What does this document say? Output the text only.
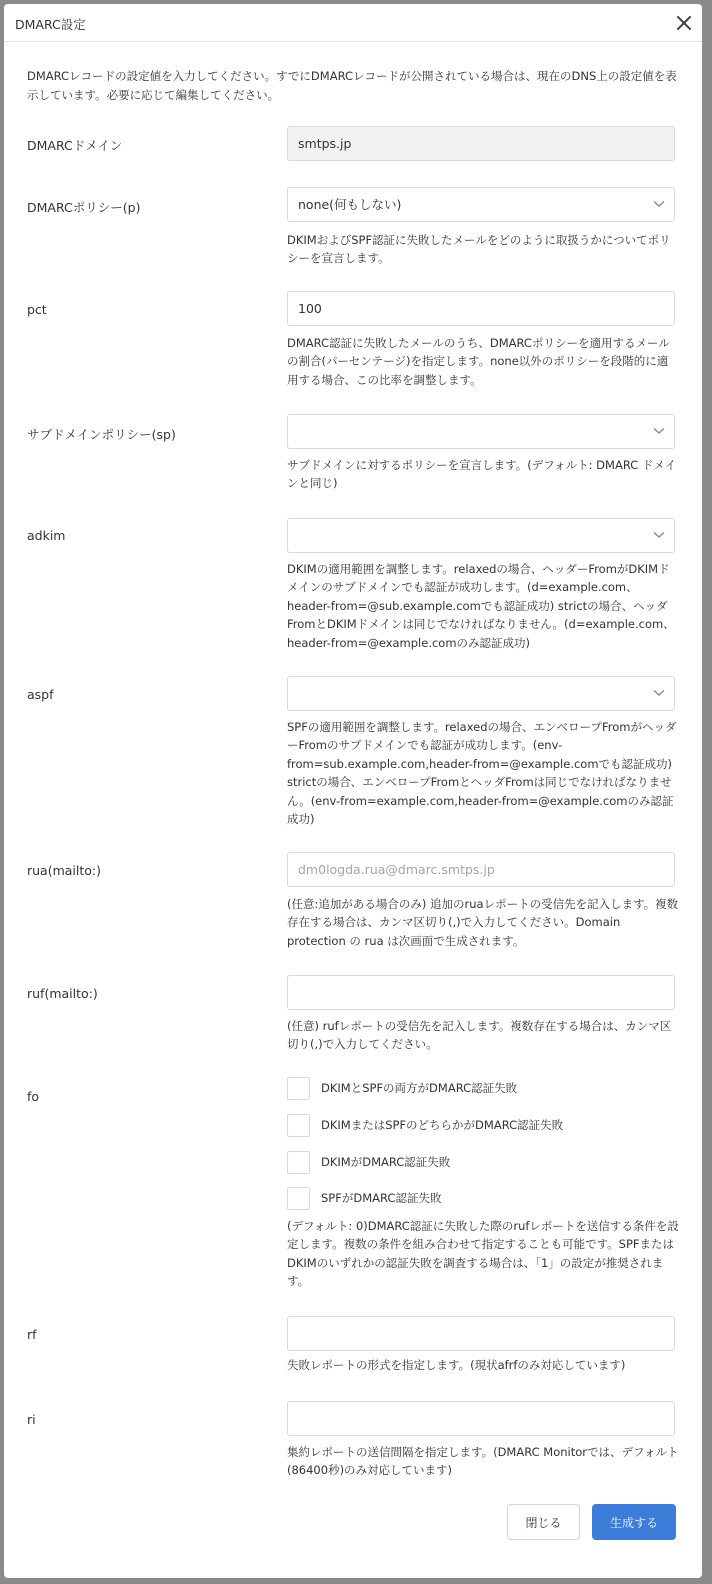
DMARC設定
DMARCレコードの設定値を入力してください。すでにDMARCレコードが公開されている場合は、現在のDNS上の設定値を表示しています。必要に応じて編集してください。
DMARCドメイン	smtps.jp
DMARCポリシー(p)	none(何もしない)
DKIMおよびSPF認証に失敗したメールをどのように取扱うかについてポリシーを宣言します。
pct	100
DMARC認証に失敗したメールのうち、DMARCポリシーを適用するメールの割合(パーセンテージ)を指定します。none以外のポリシーを段階的に適用する場合、この比率を調整します。
サブドメインポリシー(sp)
サブドメインに対するポリシーを宣言します。(デフォルト: DMARC ドメインと同じ)
adkim
DKIMの適用範囲を調整します。relaxedの場合、ヘッダーFromがDKIMドメインのサブドメインでも認証が成功します。(d=example.com、header-from=@sub.example.comでも認証成功) strictの場合、ヘッダFromとDKIMドメインは同じでなければなりません。(d=example.com、header-from=@example.comのみ認証成功)
aspf
SPFの適用範囲を調整します。relaxedの場合、エンベロープFromがヘッダーFromのサブドメインでも認証が成功します。(env-from=sub.example.com,header-from=@example.comでも認証成功) strictの場合、エンベロープFromとヘッダFromは同じでなければなりません。(env-from=example.com,header-from=@example.comのみ認証成功)
rua(mailto:)	dm0logda.rua@dmarc.smtps.jp
(任意:追加がある場合のみ) 追加のruaレポートの受信先を記入します。複数存在する場合は、カンマ区切り(,)で入力してください。Domain protection の rua は次画面で生成されます。
ruf(mailto:)
(任意) rufレポートの受信先を記入します。複数存在する場合は、カンマ区切り(,)で入力してください。
fo
DKIMとSPFの両方がDMARC認証失敗
DKIMまたはSPFのどちらかがDMARC認証失敗
DKIMがDMARC認証失敗
SPFがDMARC認証失敗
(デフォルト: 0)DMARC認証に失敗した際のrufレポートを送信する条件を設定します。複数の条件を組み合わせて指定することも可能です。SPFまたはDKIMのいずれかの認証失敗を調査する場合は、「1」の設定が推奨されます。
rf
失敗レポートの形式を指定します。(現状afrfのみ対応しています)
ri
集約レポートの送信間隔を指定します。(DMARC Monitorでは、デフォルト(86400秒)のみ対応しています)
閉じる	生成する
